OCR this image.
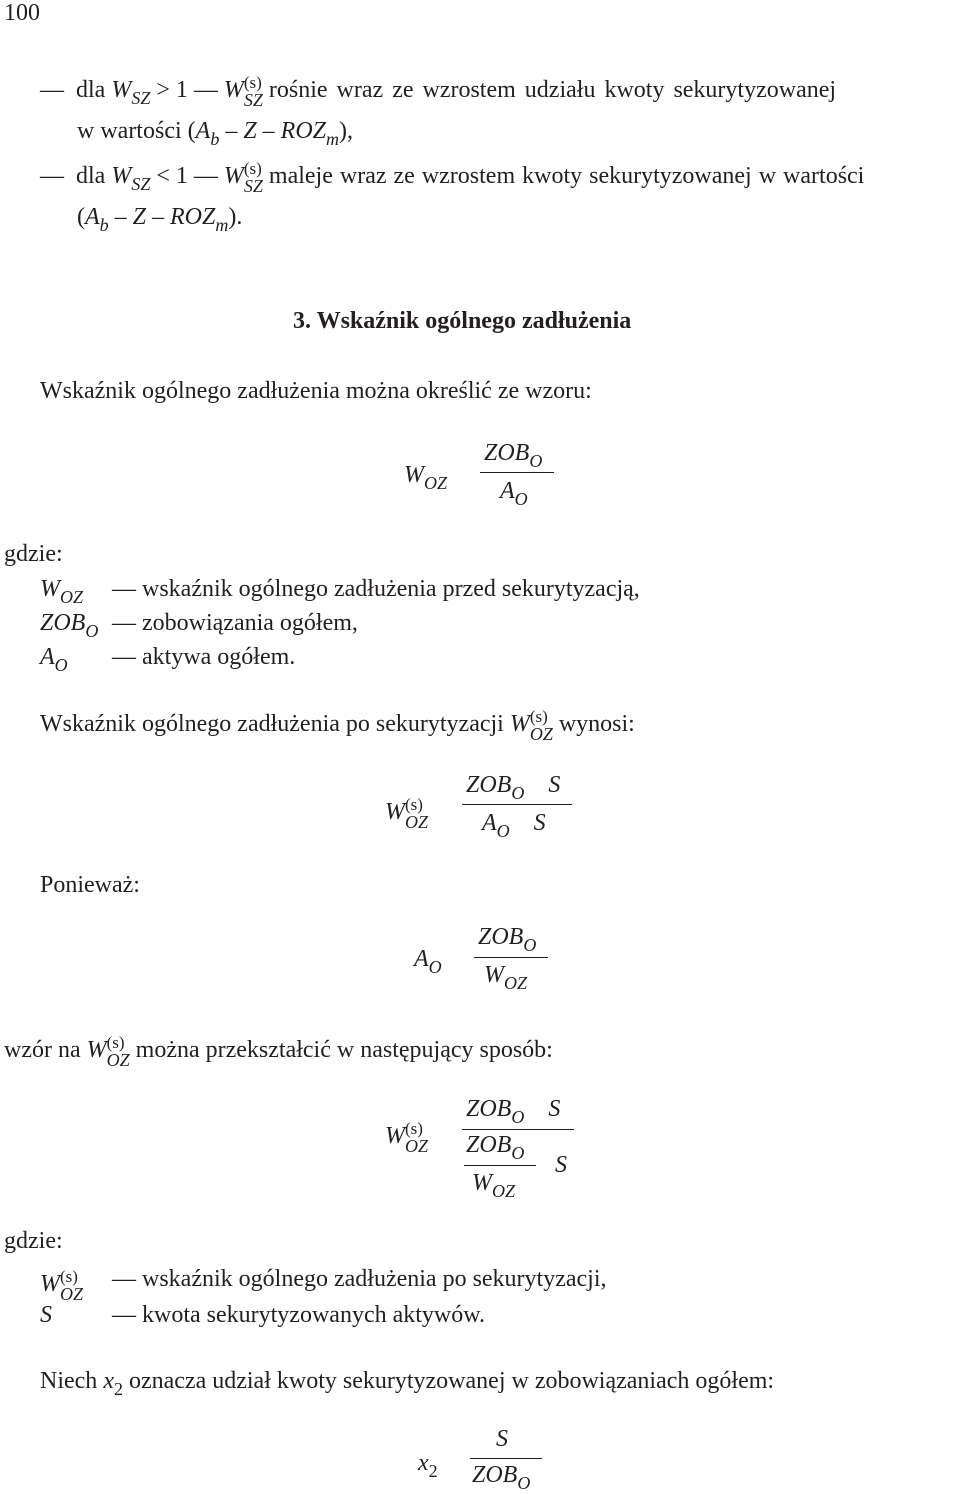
100
— dla $W_{SZ} > 1$ — W (s)
SZ rośnie wraz ze wzrostem udziału kwoty sekurytyzowanej
w wartości ($A_b$ – Z – $ROZ_m$),
— dla $W_{SZ} < 1$ — W (s)
SZ maleje wraz ze wzrostem kwoty sekurytyzowanej w wartości
($A_b$ – Z – $ROZ_m$).
3. Wskaźnik ogólnego zadłużenia
Wskaźnik ogólnego zadłużenia można określić ze wzoru:
$W_{OZ}$
$ZOB_O$
$A_O$
gdzie:
$W_{OZ}$ — wskaźnik ogólnego zadłużenia przed sekurytyzacją,
$ZOB_O$ — zobowiązania ogółem,
$A_O$ — aktywa ogółem.
Wskaźnik ogólnego zadłużenia po sekurytyzacji W (s)
OZ wynosi:
W (s)
OZ
$ZOB_O$ S
$A_O$ S
Ponieważ:
$A_O$
$ZOB_O$
$W_{OZ}$
wzór na W (s)
OZ można przekształcić w następujący sposób:
W (s)
OZ
$ZOB_O$ S
$ZOB_O$
$W_{OZ}$
S
gdzie:
W (s)
OZ
— wskaźnik ogólnego zadłużenia po sekurytyzacji,
S	— kwota sekurytyzowanych aktywów.
Niech $x_2$ oznacza udział kwoty sekurytyzowanej w zobowiązaniach ogółem:
$x_2$
S
$ZOB_O$
